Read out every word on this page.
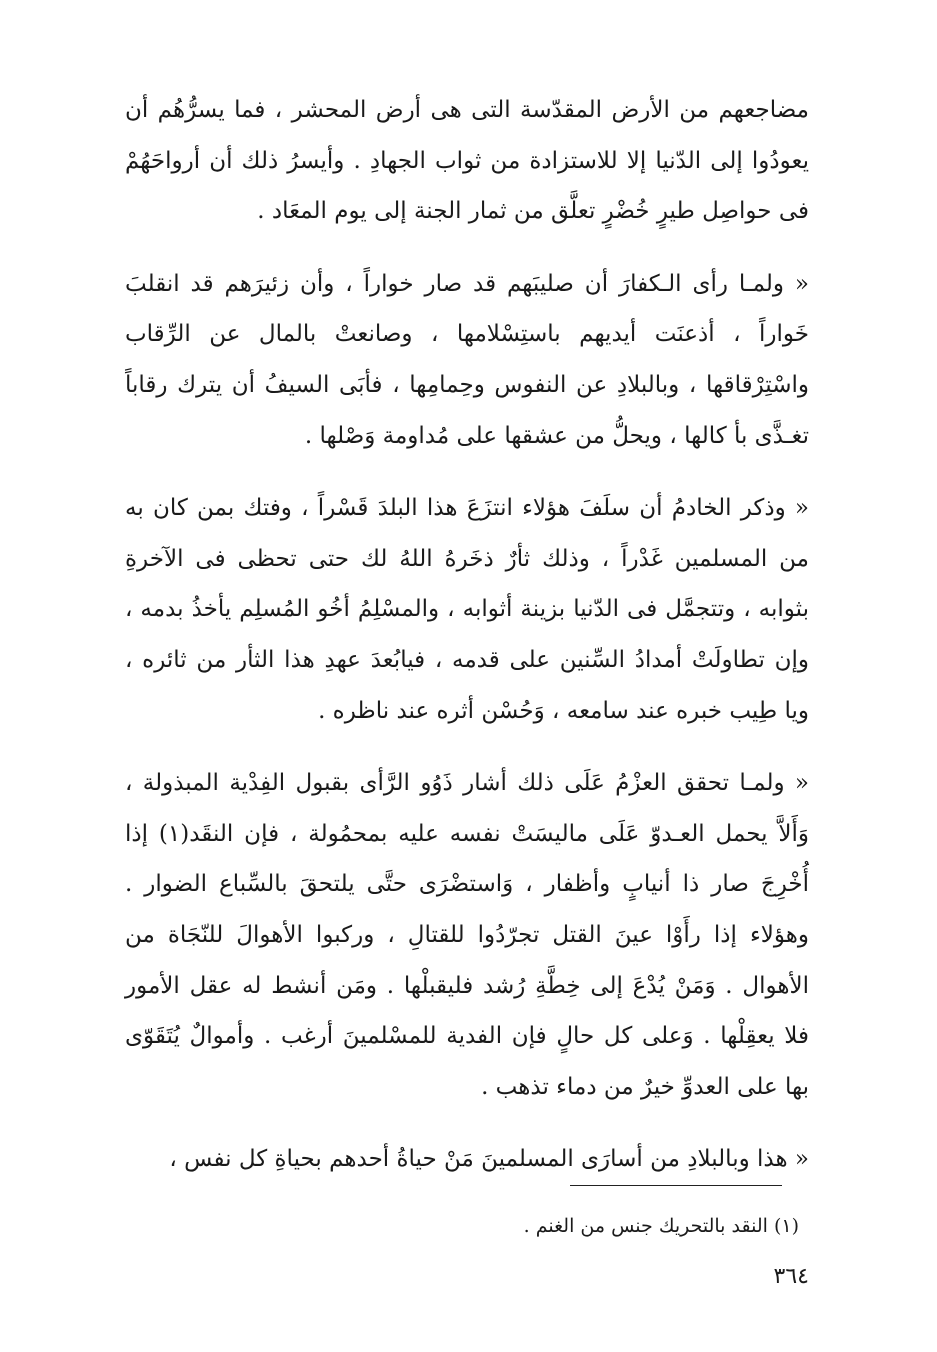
مضاجعهم من الأرض المقدّسة التى هى أرض المحشر ، فما يسرُّهُم أن يعودُوا إلى الدّنيا إلا للاستزادة من ثواب الجهادِ . وأيسرُ ذلك أن أرواحَهُمْ فى حواصِل طيرٍ خُضْرٍ تعلَّق من ثمار الجنة إلى يوم المعَاد .

« ولمـا رأى الـكفارَ أن صليبَهم قد صار خواراً ، وأن زئيرَهم قد انقلبَ خَواراً ، أذعنَت أيديهم باستِسْلامها ، وصانعتْ بالمال عن الرِّقاب واسْتِرْقاقها ، وبالبلادِ عن النفوس وحِمامِها ، فأبَى السيفُ أن يترك رقاباً تغـذَّى بأ كالها ، ويحلُّ من عشقها على مُداومة وَصْلها .

« وذكر الخادمُ أن سلَفَ هؤلاء انتزَعَ هذا البلدَ قَسْراً ، وفتك بمن كان به من المسلمين غَدْراً ، وذلك ثأرٌ ذخَرهُ اللهُ لك حتى تحظى فى الآخرةِ بثوابه ، وتتجمَّل فى الدّنيا بزينة أثوابه ، والمسْلِمُ أخُو المُسلِم يأخذُ بدمه ، وإن تطاولَتْ أمدادُ السِّنين على قدمه ، فيابُعدَ عهدِ هذا الثأر من ثائره ، ويا طِيب خبره عند سامعه ، وَحُسْن أثره عند ناظره .

« ولمـا تحقق العزْمُ عَلَى ذلك أشار ذَوُو الرَّأى بقبول الفِدْية المبذولة ، وَأَلاَّ يحمل العـدوّ عَلَى ماليسَتْ نفسه عليه بمحمُولة ، فإن النقَد(١) إذا أُخْرِجَ صار ذا أنيابٍ وأظفار ، وَاستضْرَى حتَّى يلتحقَ بالسِّباع الضوار . وهؤلاء إذا رأَوْا عينَ القتل تجرّدُوا للقتالِ ، وركبوا الأهوالَ للنّجَاة من الأهوال . وَمَنْ يُدْعَ إلى خِطَّةِ رُشد فليقبلْها . ومَن أنشط له عقل الأمور فلا يعقِلْها . وَعلى كل حالٍ فإن الفدية للمسْلمينَ أرغب . وأموالٌ يُتَقَوّى بها على العدوِّ خيرٌ من دماء تذهب .

« هذا وبالبلادِ من أسارَى المسلمينَ مَنْ حياةُ أحدهم بحياةِ كل نفس ،

(١) النقد بالتحريك جنس من الغنم .
٣٦٤
